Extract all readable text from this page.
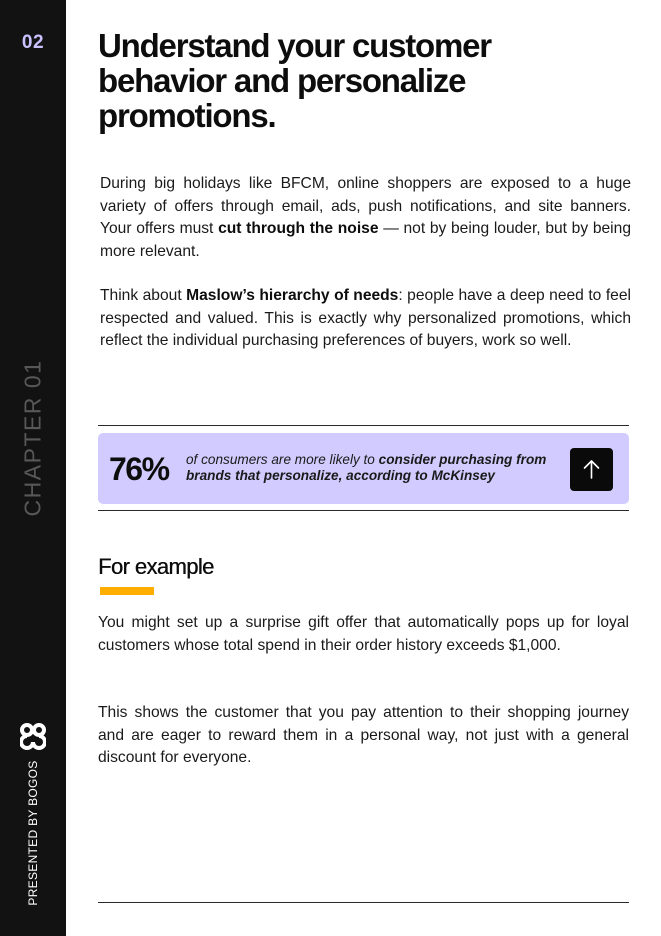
02
CHAPTER 01
PRESENTED BY BOGOS
Understand your customer behavior and personalize promotions.

During big holidays like BFCM, online shoppers are exposed to a huge variety of offers through email, ads, push notifications, and site banners. Your offers must cut through the noise — not by being louder, but by being more relevant.

Think about Maslow’s hierarchy of needs: people have a deep need to feel respected and valued. This is exactly why personalized promotions, which reflect the individual purchasing preferences of buyers, work so well.

76% of consumers are more likely to consider purchasing from brands that personalize, according to McKinsey
For example

You might set up a surprise gift offer that automatically pops up for loyal customers whose total spend in their order history exceeds $1,000.

This shows the customer that you pay attention to their shopping journey and are eager to reward them in a personal way, not just with a general discount for everyone.
